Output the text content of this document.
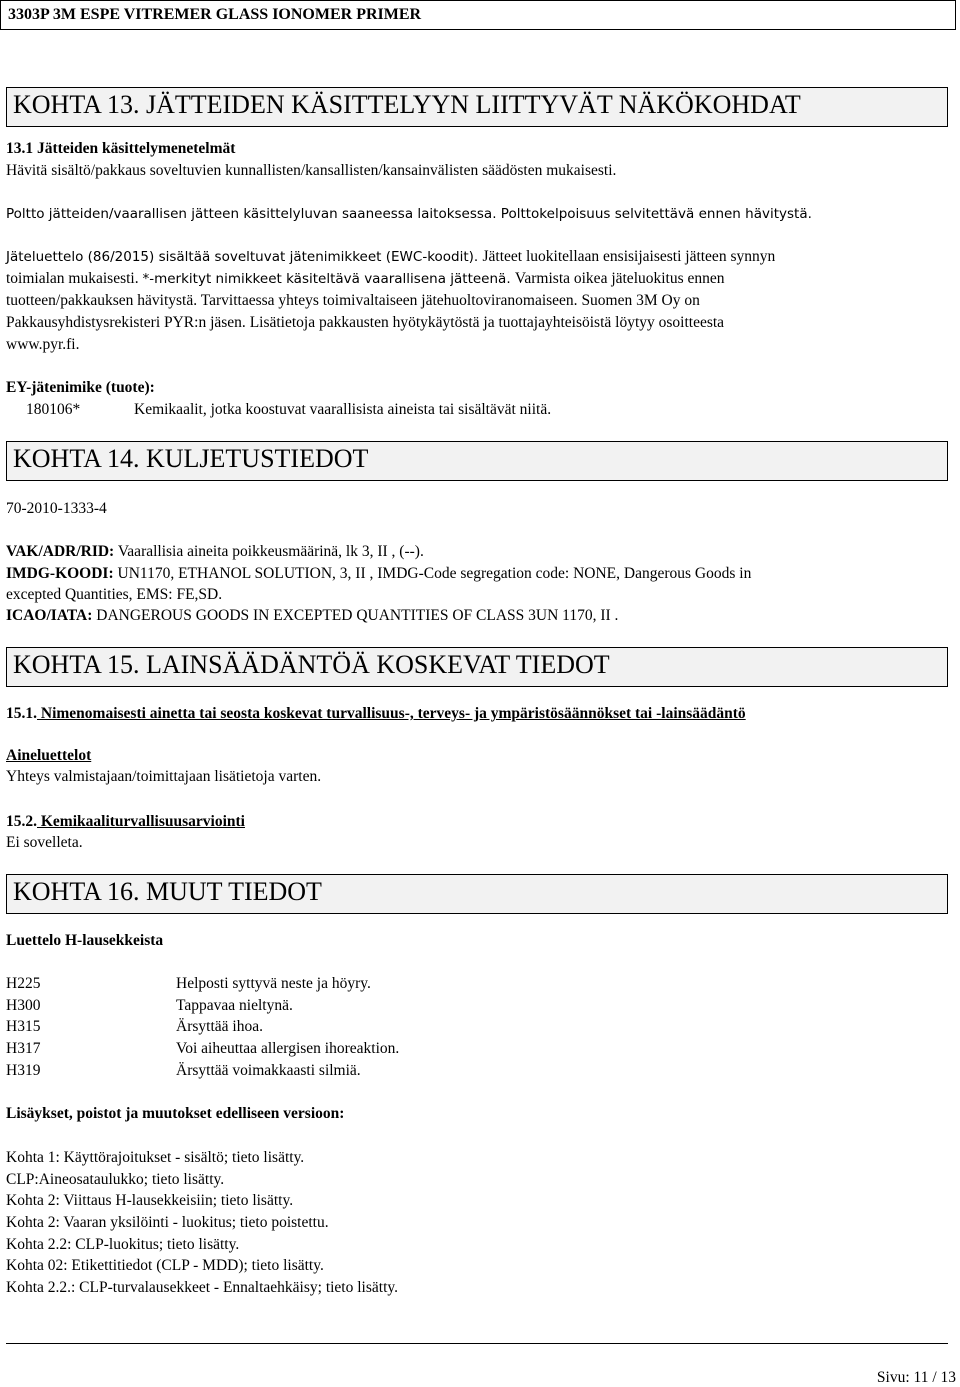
3303P 3M ESPE VITREMER GLASS IONOMER PRIMER
KOHTA 13. JÄTTEIDEN KÄSITTELYYN LIITTYVÄT NÄKÖKOHDAT
13.1 Jätteiden käsittelymenetelmät
Hävitä sisältö/pakkaus soveltuvien kunnallisten/kansallisten/kansainvälisten säädösten mukaisesti.
Poltto jätteiden/vaarallisen jätteen käsittelyluvan saaneessa laitoksessa. Polttokelpoisuus selvitettävä ennen hävitystä.
Jäteluettelo (86/2015) sisältää soveltuvat jätenimikkeet (EWC-koodit). Jätteet luokitellaan ensisijaisesti jätteen synnyn
toimialan mukaisesti. *-merkityt nimikkeet käsiteltävä vaarallisena jätteenä. Varmista oikea jäteluokitus ennen
tuotteen/pakkauksen hävitystä. Tarvittaessa yhteys toimivaltaiseen jätehuoltoviranomaiseen. Suomen 3M Oy on
Pakkausyhdistysrekisteri PYR:n jäsen. Lisätietoja pakkausten hyötykäytöstä ja tuottajayhteisöistä löytyy osoitteesta
www.pyr.fi.
EY-jätenimike (tuote):
180106*	Kemikaalit, jotka koostuvat vaarallisista aineista tai sisältävät niitä.
KOHTA 14. KULJETUSTIEDOT
70-2010-1333-4
VAK/ADR/RID: Vaarallisia aineita poikkeusmäärinä, lk 3, II , (--).
IMDG-KOODI: UN1170, ETHANOL SOLUTION, 3, II , IMDG-Code segregation code: NONE, Dangerous Goods in
excepted Quantities, EMS: FE,SD.
ICAO/IATA: DANGEROUS GOODS IN EXCEPTED QUANTITIES OF CLASS 3UN 1170, II .
KOHTA 15. LAINSÄÄDÄNTÖÄ KOSKEVAT TIEDOT
15.1. Nimenomaisesti ainetta tai seosta koskevat turvallisuus-, terveys- ja ympäristösäännökset tai -lainsäädäntö
Aineluettelot
Yhteys valmistajaan/toimittajaan lisätietoja varten.
15.2. Kemikaaliturvallisuusarviointi
Ei sovelleta.
KOHTA 16. MUUT TIEDOT
Luettelo H-lausekkeista
H225	Helposti syttyvä neste ja höyry.
H300	Tappavaa nieltynä.
H315	Ärsyttää ihoa.
H317	Voi aiheuttaa allergisen ihoreaktion.
H319	Ärsyttää voimakkaasti silmiä.
Lisäykset, poistot ja muutokset edelliseen versioon:
Kohta 1: Käyttörajoitukset - sisältö; tieto lisätty.
CLP:Aineosataulukko; tieto lisätty.
Kohta 2: Viittaus H-lausekkeisiin; tieto lisätty.
Kohta 2: Vaaran yksilöinti - luokitus; tieto poistettu.
Kohta 2.2: CLP-luokitus; tieto lisätty.
Kohta 02: Etikettitiedot (CLP - MDD); tieto lisätty.
Kohta 2.2.: CLP-turvalausekkeet - Ennaltaehkäisy; tieto lisätty.
Sivu: 11 / 13
